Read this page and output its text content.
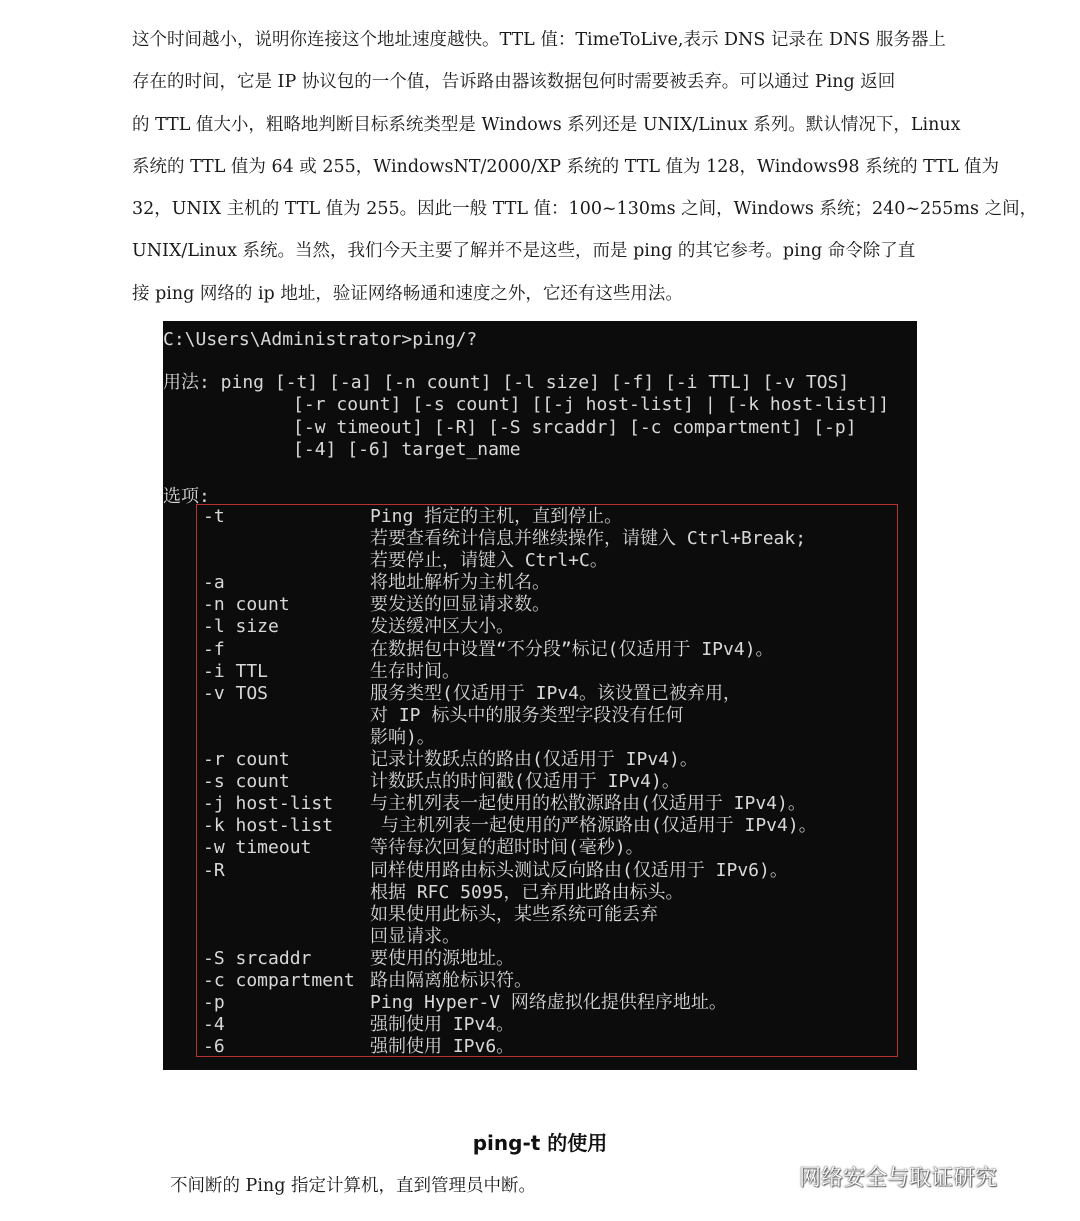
这个时间越小，说明你连接这个地址速度越快。TTL 值：TimeToLive,表示 DNS 记录在 DNS 服务器上
存在的时间，它是 IP 协议包的一个值，告诉路由器该数据包何时需要被丢弃。可以通过 Ping 返回
的 TTL 值大小，粗略地判断目标系统类型是 Windows 系列还是 UNIX/Linux 系列。默认情况下，Linux
系统的 TTL 值为 64 或 255，WindowsNT/2000/XP 系统的 TTL 值为 128，Windows98 系统的 TTL 值为
32，UNIX 主机的 TTL 值为 255。因此一般 TTL 值：100~130ms 之间，Windows 系统；240~255ms 之间，
UNIX/Linux 系统。当然，我们今天主要了解并不是这些，而是 ping 的其它参考。ping 命令除了直
接 ping 网络的 ip 地址，验证网络畅通和速度之外，它还有这些用法。
C:\Users\Administrator>ping/?
用法: ping [-t] [-a] [-n count] [-l size] [-f] [-i TTL] [-v TOS]
[-r count] [-s count] [[-j host-list] | [-k host-list]]
[-w timeout] [-R] [-S srcaddr] [-c compartment] [-p]
[-4] [-6] target_name
选项:
-t	Ping 指定的主机，直到停止。
若要查看统计信息并继续操作，请键入 Ctrl+Break;
若要停止，请键入 Ctrl+C。
-a	将地址解析为主机名。
-n count	要发送的回显请求数。
-l size	发送缓冲区大小。
-f	在数据包中设置“不分段”标记(仅适用于 IPv4)。
-i TTL	生存时间。
-v TOS	服务类型(仅适用于 IPv4。该设置已被弃用，
对 IP 标头中的服务类型字段没有任何
影响)。
-r count	记录计数跃点的路由(仅适用于 IPv4)。
-s count	计数跃点的时间戳(仅适用于 IPv4)。
-j host-list 与主机列表一起使用的松散源路由(仅适用于 IPv4)。
-k host-list 与主机列表一起使用的严格源路由(仅适用于 IPv4)。
-w timeout	等待每次回复的超时时间(毫秒)。
-R	同样使用路由标头测试反向路由(仅适用于 IPv6)。
根据 RFC 5095，已弃用此路由标头。
如果使用此标头，某些系统可能丢弃
回显请求。
-S srcaddr	要使用的源地址。
-c compartment 路由隔离舱标识符。
-p	Ping Hyper-V 网络虚拟化提供程序地址。
-4	强制使用 IPv4。
-6	强制使用 IPv6。
ping-t 的使用

不间断的 Ping 指定计算机，直到管理员中断。	网络安全与取证研究
